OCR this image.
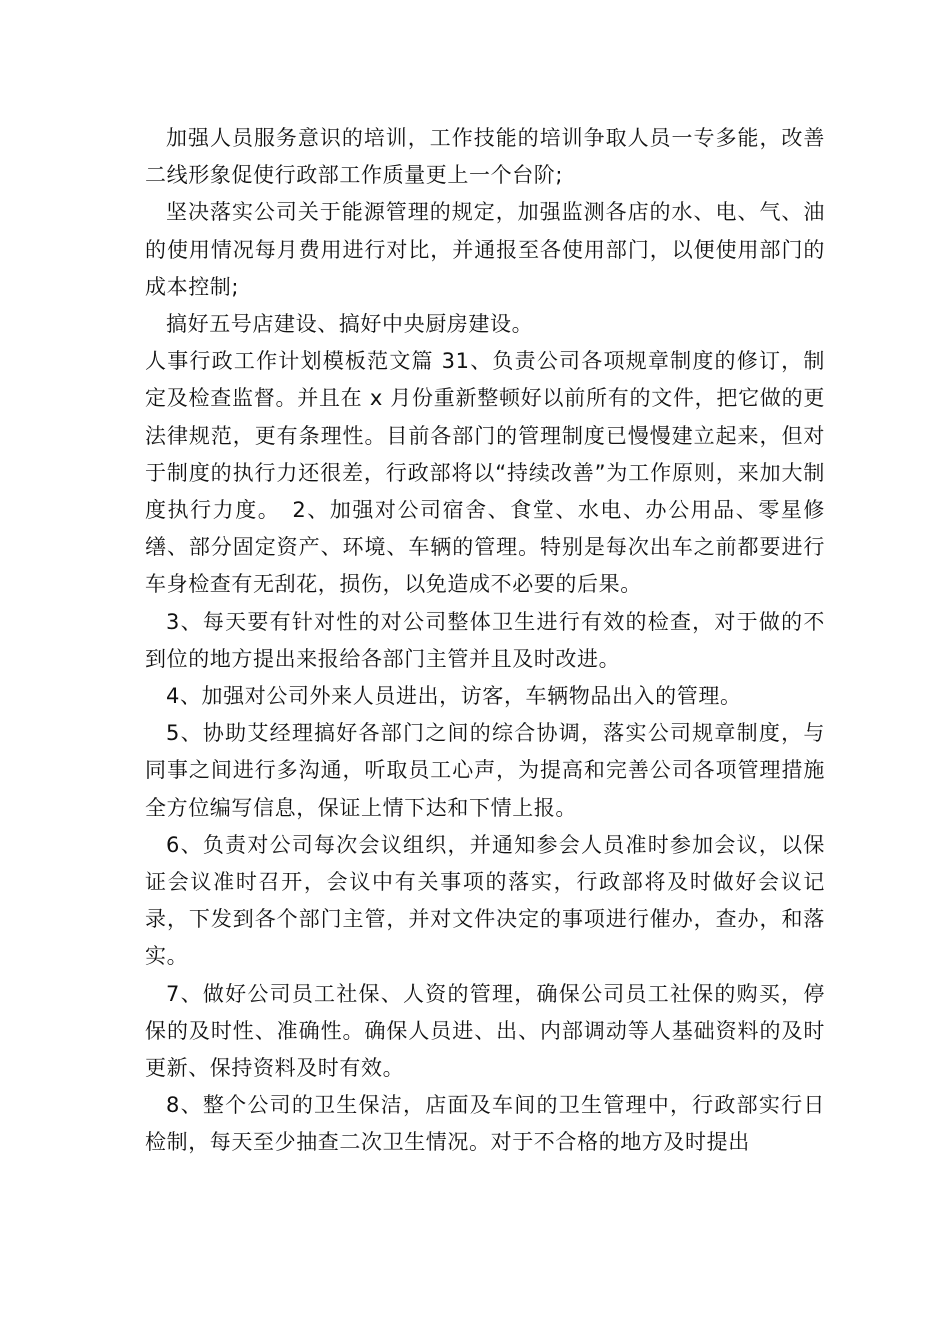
加强人员服务意识的培训，工作技能的培训争取人员一专多能，改善二线形象促使行政部工作质量更上一个台阶;

坚决落实公司关于能源管理的规定，加强监测各店的水、电、气、油的使用情况每月费用进行对比，并通报至各使用部门，以便使用部门的成本控制;

搞好五号店建设、搞好中央厨房建设。

人事行政工作计划模板范文篇 31、负责公司各项规章制度的修订，制定及检查监督。并且在 x 月份重新整顿好以前所有的文件，把它做的更法律规范，更有条理性。目前各部门的管理制度已慢慢建立起来，但对于制度的执行力还很差，行政部将以“持续改善”为工作原则，来加大制度执行力度。　2、加强对公司宿舍、食堂、水电、办公用品、零星修缮、部分固定资产、环境、车辆的管理。特别是每次出车之前都要进行车身检查有无刮花，损伤，以免造成不必要的后果。

3、每天要有针对性的对公司整体卫生进行有效的检查，对于做的不到位的地方提出来报给各部门主管并且及时改进。

4、加强对公司外来人员进出，访客，车辆物品出入的管理。

5、协助艾经理搞好各部门之间的综合协调，落实公司规章制度，与同事之间进行多沟通，听取员工心声，为提高和完善公司各项管理措施全方位编写信息，保证上情下达和下情上报。

6、负责对公司每次会议组织，并通知参会人员准时参加会议，以保证会议准时召开，会议中有关事项的落实，行政部将及时做好会议记录，下发到各个部门主管，并对文件决定的事项进行催办，查办，和落实。

7、做好公司员工社保、人资的管理，确保公司员工社保的购买，停保的及时性、准确性。确保人员进、出、内部调动等人基础资料的及时更新、保持资料及时有效。

8、整个公司的卫生保洁，店面及车间的卫生管理中，行政部实行日检制，每天至少抽查二次卫生情况。对于不合格的地方及时提出
